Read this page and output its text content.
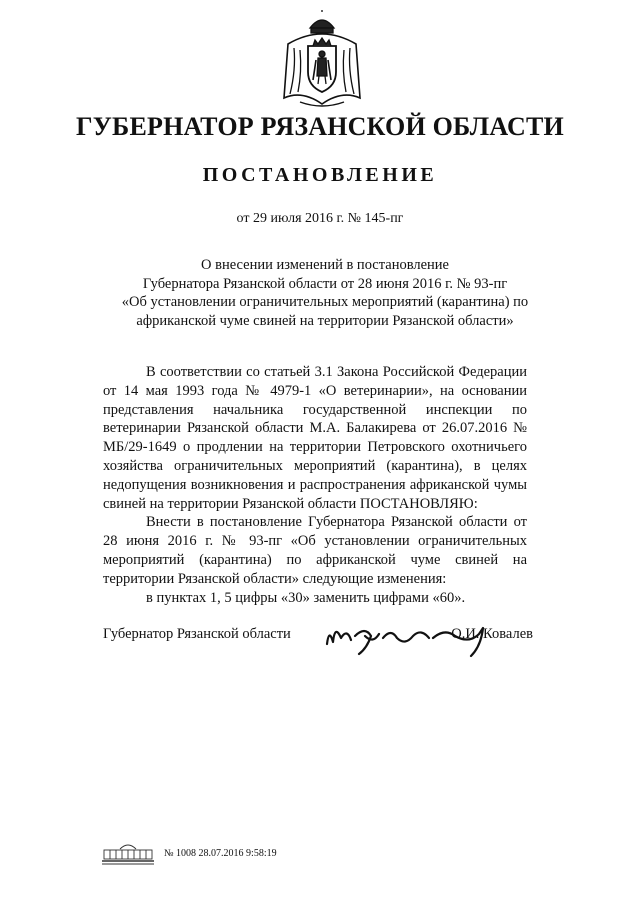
ГУБЕРНАТОР РЯЗАНСКОЙ ОБЛАСТИ
ПОСТАНОВЛЕНИЕ
от 29 июля 2016 г. № 145-пг
О внесении изменений в постановление
Губернатора Рязанской области от 28 июня 2016 г. № 93-пг
«Об установлении ограничительных мероприятий (карантина) по
африканской чуме свиней на территории Рязанской области»

В соответствии со статьей 3.1 Закона Российской Федерации от 14 мая 1993 года № 4979-1 «О ветеринарии», на основании представления начальника государственной инспекции по ветеринарии Рязанской области М.А. Балакирева от 26.07.2016 № МБ/29-1649 о продлении на территории Петровского охотничьего хозяйства ограничительных мероприятий (карантина), в целях недопущения возникновения и распространения африканской чумы свиней на территории Рязанской области ПОСТАНОВЛЯЮ:

Внести в постановление Губернатора Рязанской области от 28 июня 2016 г. № 93-пг «Об установлении ограничительных мероприятий (карантина) по африканской чуме свиней на территории Рязанской области» следующие изменения:

в пунктах 1, 5 цифры «30» заменить цифрами «60».

Губернатор Рязанской области	О.И. Ковалев
№ 1008 28.07.2016 9:58:19
